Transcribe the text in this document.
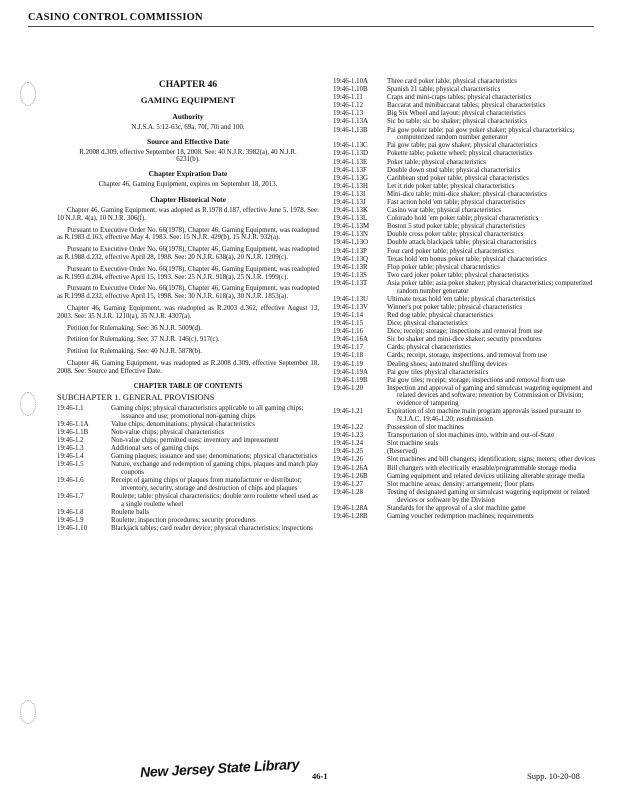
CASINO CONTROL COMMISSION
CHAPTER 46
GAMING EQUIPMENT
Authority
N.J.S.A. 5:12-63c, 69a, 70f, 70i and 100.
Source and Effective Date
R.2008 d.309, effective September 18, 2008. See: 40 N.J.R. 3982(a), 40 N.J.R. 6231(b).
Chapter Expiration Date
Chapter 46, Gaming Equipment, expires on September 18, 2013.
Chapter Historical Note
Chapter 46, Gaming Equipment, was adopted as R.1978 d.187, effective June 5, 1978. See: 10 N.J.R. 4(a), 10 N.J.R. 306(f).
Pursuant to Executive Order No. 66(1978), Chapter 46, Gaming Equipment, was readopted as R.1983 d.163, effective May 4, 1983. See: 15 N.J.R. 429(b), 15 N.J.R. 932(a).
Pursuant to Executive Order No. 66(1978), Chapter 46, Gaming Equipment, was readopted as R.1988 d.232, effective April 28, 1988. See: 20 N.J.R. 638(a), 20 N.J.R. 1209(c).
Pursuant to Executive Order No. 66(1978), Chapter 46, Gaming Equipment, was readopted as R.1993 d.204, effective April 15, 1993. See: 25 N.J.R. 918(a), 25 N.J.R. 1999(c).
Pursuant to Executive Order No. 66(1978), Chapter 46, Gaming Equipment, was readopted as R.1998 d.232, effective April 15, 1998. See: 30 N.J.R. 618(a), 30 N.J.R. 1853(a).
Chapter 46, Gaming Equipment, was readopted as R.2003 d.362, effective August 13, 2003. See: 35 N.J.R. 1210(a), 35 N.J.R. 4307(a).
Petition for Rulemaking. See: 36 N.J.R. 5009(d).
Petition for Rulemaking. See: 37 N.J.R. 146(c), 917(c).
Petition for Rulemaking. See: 40 N.J.R. 5878(b).
Chapter 46, Gaming Equipment, was readopted as R.2008 d.309, effective September 18, 2008. See: Source and Effective Date.
CHAPTER TABLE OF CONTENTS
SUBCHAPTER 1. GENERAL PROVISIONS
19:46-1.1	Gaming chips; physical characteristics applicable to all gaming chips; issuance and use; promotional non-gaming chips
19:46-1.1A	Value chips; denominations; physical characteristics
19:46-1.1B	Non-value chips; physical characteristics
19:46-1.2	Non-value chips; permitted uses; inventory and impressment
19:46-1.3	Additional sets of gaming chips
19:46-1.4	Gaming plaques; issuance and use; denominations; physical characteristics
19:46-1.5	Nature, exchange and redemption of gaming chips, plaques and match play coupons
19:46-1.6	Receipt of gaming chips or plaques from manufacturer or distributor; inventory, security, storage and destruction of chips and plaques
19:46-1.7	Roulette; table: physical characteristics; double zero roulette wheel used as a single roulette wheel
19:46-1.8	Roulette balls
19:46-1.9	Roulette; inspection procedures; security procedures
19:46-1.10	Blackjack tables; card reader device; physical characteristics; inspections
19:46-1.10A	Three card poker table; physical characteristics
19:46-1.10B	Spanish 21 table; physical characteristics
19:46-1.11	Craps and mini-craps tables; physical characteristics
19:46-1.12	Baccarat and minibaccarat tables; physical characteristics
19:46-1.13	Big Six Wheel and layout; physical characteristics
19:46-1.13A	Sic bo table; sic bo shaker; physical characteristics
19:46-1.13B	Pai gow poker table; pai gow poker shaker; physical characteristics; computerized random number generator
19:46-1.13C	Pai gow table; pai gow shaker; physical characteristics
19:46-1.13D	Pokette table; pokette wheel; physical characteristics
19:46-1.13E	Poker table; physical characteristics
19:46-1.13F	Double down stud table; physical characteristics
19:46-1.13G	Caribbean stud poker table; physical characteristics
19:46-1.13H	Let it ride poker table; physical characteristics
19:46-1.13I	Mini-dice table; mini-dice shaker; physical characteristics
19:46-1.13J	Fast action hold 'em table; physical characteristics
19:46-1.13K	Casino war table; physical characteristics
19:46-1.13L	Colorado hold 'em poker table; physical characteristics
19:46-1.13M	Boston 5 stud poker table; physical characteristics
19:46-1.13N	Double cross poker table; physical characteristics
19:46-1.13O	Double attack blackjack table; physical characteristics
19:46-1.13P	Four card poker table; physical characteristics
19:46-1.13Q	Texas hold 'em bonus poker table; physical characteristics
19:46-1.13R	Flop poker table; physical characteristics
19:46-1.13S	Two card joker poker table; physical characteristics
19:46-1.13T	Asia poker table; asia poker shaker; physical characteristics; computerized random number generator
19:46-1.13U	Ultimate texas hold 'em table; physical characteristics
19:46-1.13V	Winner's pot poker table; physical characteristics
19:46-1.14	Red dog table; physical characteristics
19:46-1.15	Dice; physical characteristics
19:46-1.16	Dice; receipt; storage; inspections and removal from use
19:46-1.16A	Sic bo shaker and mini-dice shaker; security procedures
19:46-1.17	Cards; physical characteristics
19:46-1.18	Cards; receipt, storage, inspections, and removal from use
19:46-1.19	Dealing shoes; automated shuffling devices
19:46-1.19A	Pai gow tiles physical characteristics
19:46-1.19B	Pai gow tiles; receipt; storage; inspections and removal from use
19:46-1.20	Inspection and approval of gaming and simulcast wagering equipment and related devices and software; retention by Commission or Division; evidence of tampering
19:46-1.21	Expiration of slot machine main program approvals issued pursuant to N.J.A.C. 19:46-1.20; resubmission
19:46-1.22	Possession of slot machines
19:46-1.23	Transportation of slot machines into, within and out-of-State
19:46-1.24	Slot machine seals
19:46-1.25	(Reserved)
19:46-1.26	Slot machines and bill changers; identification; signs; meters; other devices
19:46-1.26A	Bill changers with electrically erasable/programmable storage media
19:46-1.26B	Gaming equipment and related devices utilizing alterable storage media
19:46-1.27	Slot machine areas; density; arrangement; floor plans
19:46-1.28	Testing of designated gaming or simulcast wagering equipment or related devices or software by the Division
19:46-1.28A	Standards for the approval of a slot machine game
19:46-1.28B	Gaming voucher redemption machines; requirements
New Jersey State Library 46-1	Supp. 10-20-08
